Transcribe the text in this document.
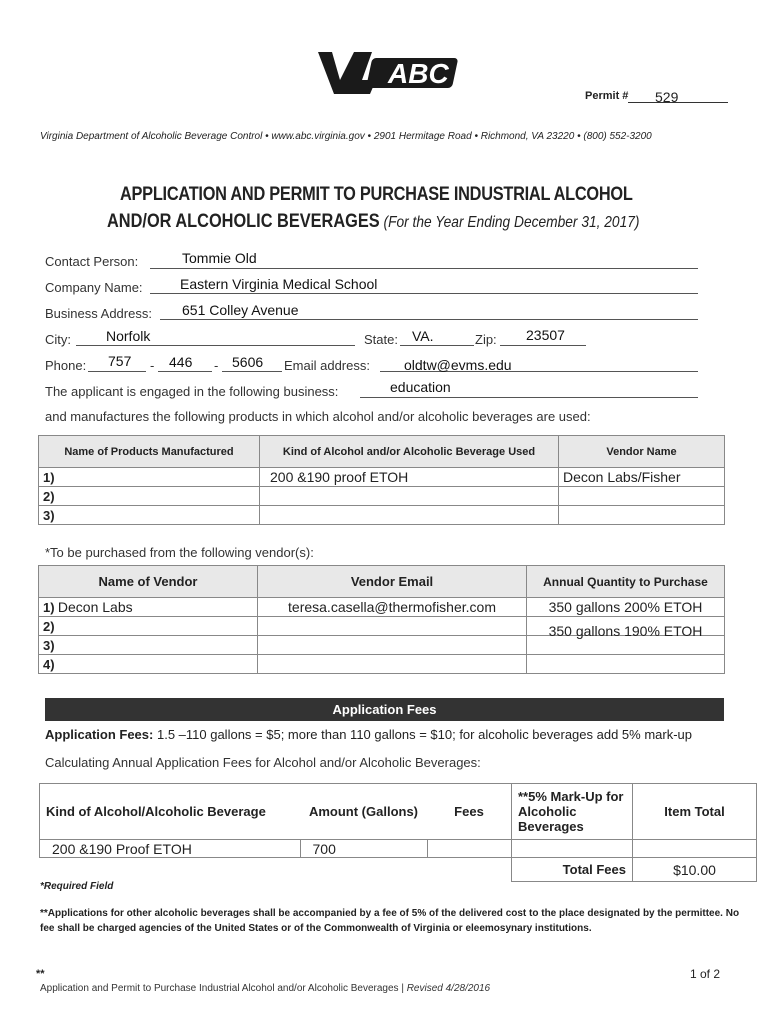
ABC
Permit # 529
Virginia Department of Alcoholic Beverage Control • www.abc.virginia.gov • 2901 Hermitage Road • Richmond, VA 23220 • (800) 552-3200
APPLICATION AND PERMIT TO PURCHASE INDUSTRIAL ALCOHOL
AND/OR ALCOHOLIC BEVERAGES (For the Year Ending December 31, 2017)
Contact Person:	Tommie Old
Company Name:	Eastern Virginia Medical School
Business Address: 651 Colley Avenue
City:	Norfolk	State: VA.	Zip: 23507
Phone: 757 - 446 - 5606 Email address: oldtw@evms.edu
The applicant is engaged in the following business:	education
and manufactures the following products in which alcohol and/or alcoholic beverages are used:
Name of Products Manufactured	Kind of Alcohol and/or Alcoholic Beverage Used	Vendor Name
1)	200 &190 proof ETOH	Decon Labs/Fisher
2)		
3)		
*To be purchased from the following vendor(s):
Name of Vendor	Vendor Email	Annual Quantity to Purchase
1) Decon Labs	teresa.casella@thermofisher.com	350 gallons 200% ETOH
2)		350 gallons 190% ETOH
3)		
4)		
Application Fees
Application Fees: 1.5 –110 gallons = $5; more than 110 gallons = $10; for alcoholic beverages add 5% mark-up
Calculating Annual Application Fees for Alcohol and/or Alcoholic Beverages:
Kind of Alcohol/Alcoholic Beverage	Amount (Gallons)	Fees	**5% Mark-Up for Alcoholic Beverages	Item Total
200 &190 Proof ETOH	700			
			Total Fees	$10.00
*Required Field
**Applications for other alcoholic beverages shall be accompanied by a fee of 5% of the delivered cost to the place designated by the permittee. No fee shall be charged agencies of the United States or of the Commonwealth of Virginia or eleemosynary institutions.
**	1 of 2
Application and Permit to Purchase Industrial Alcohol and/or Alcoholic Beverages | Revised 4/28/2016
